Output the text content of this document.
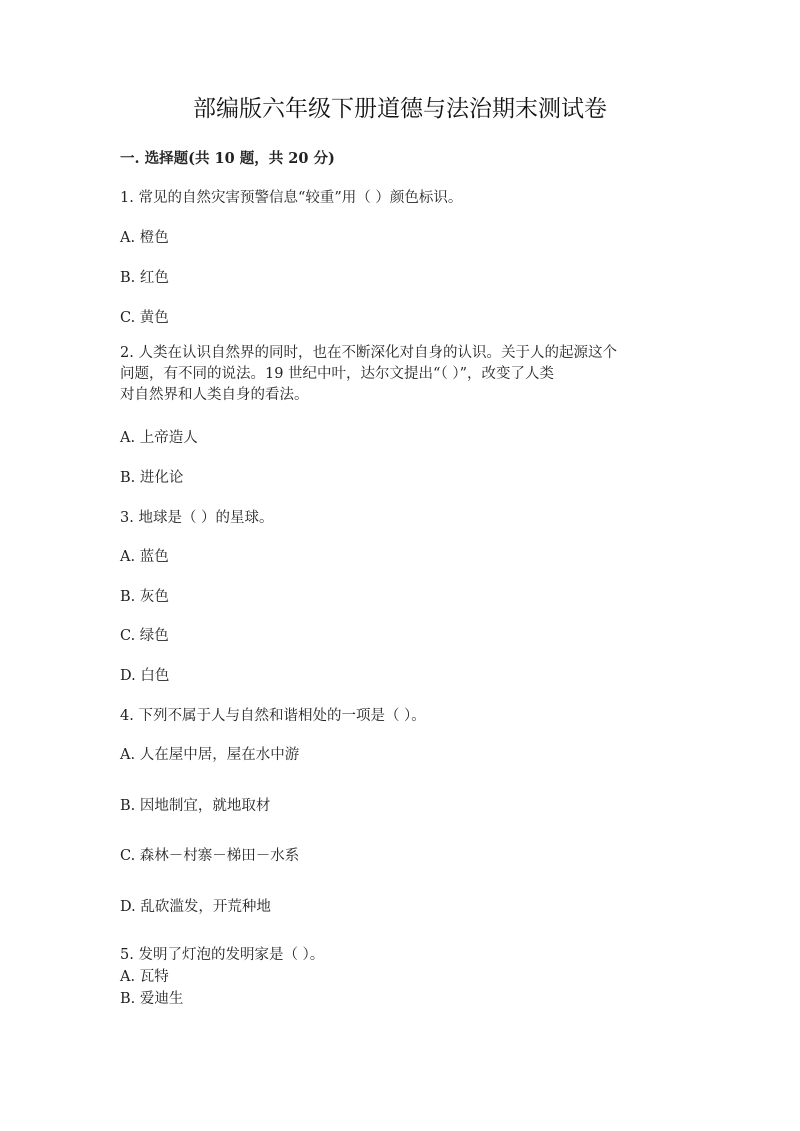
部编版六年级下册道德与法治期末测试卷
一. 选择题(共 10 题，共 20 分)
1. 常见的自然灾害预警信息“较重”用（ ）颜色标识。
A. 橙色
B. 红色
C. 黄色
2. 人类在认识自然界的同时，也在不断深化对自身的认识。关于人的起源这个
问题，有不同的说法。19 世纪中叶，达尔文提出“（ ）”，改变了人类
对自然界和人类自身的看法。
A. 上帝造人
B. 进化论
3. 地球是（ ）的星球。
A. 蓝色
B. 灰色
C. 绿色
D. 白色
4. 下列不属于人与自然和谐相处的一项是（ ）。
A. 人在屋中居，屋在水中游
B. 因地制宜，就地取材
C. 森林－村寨－梯田－水系
D. 乱砍滥发，开荒种地
5. 发明了灯泡的发明家是（ ）。
A. 瓦特
B. 爱迪生
